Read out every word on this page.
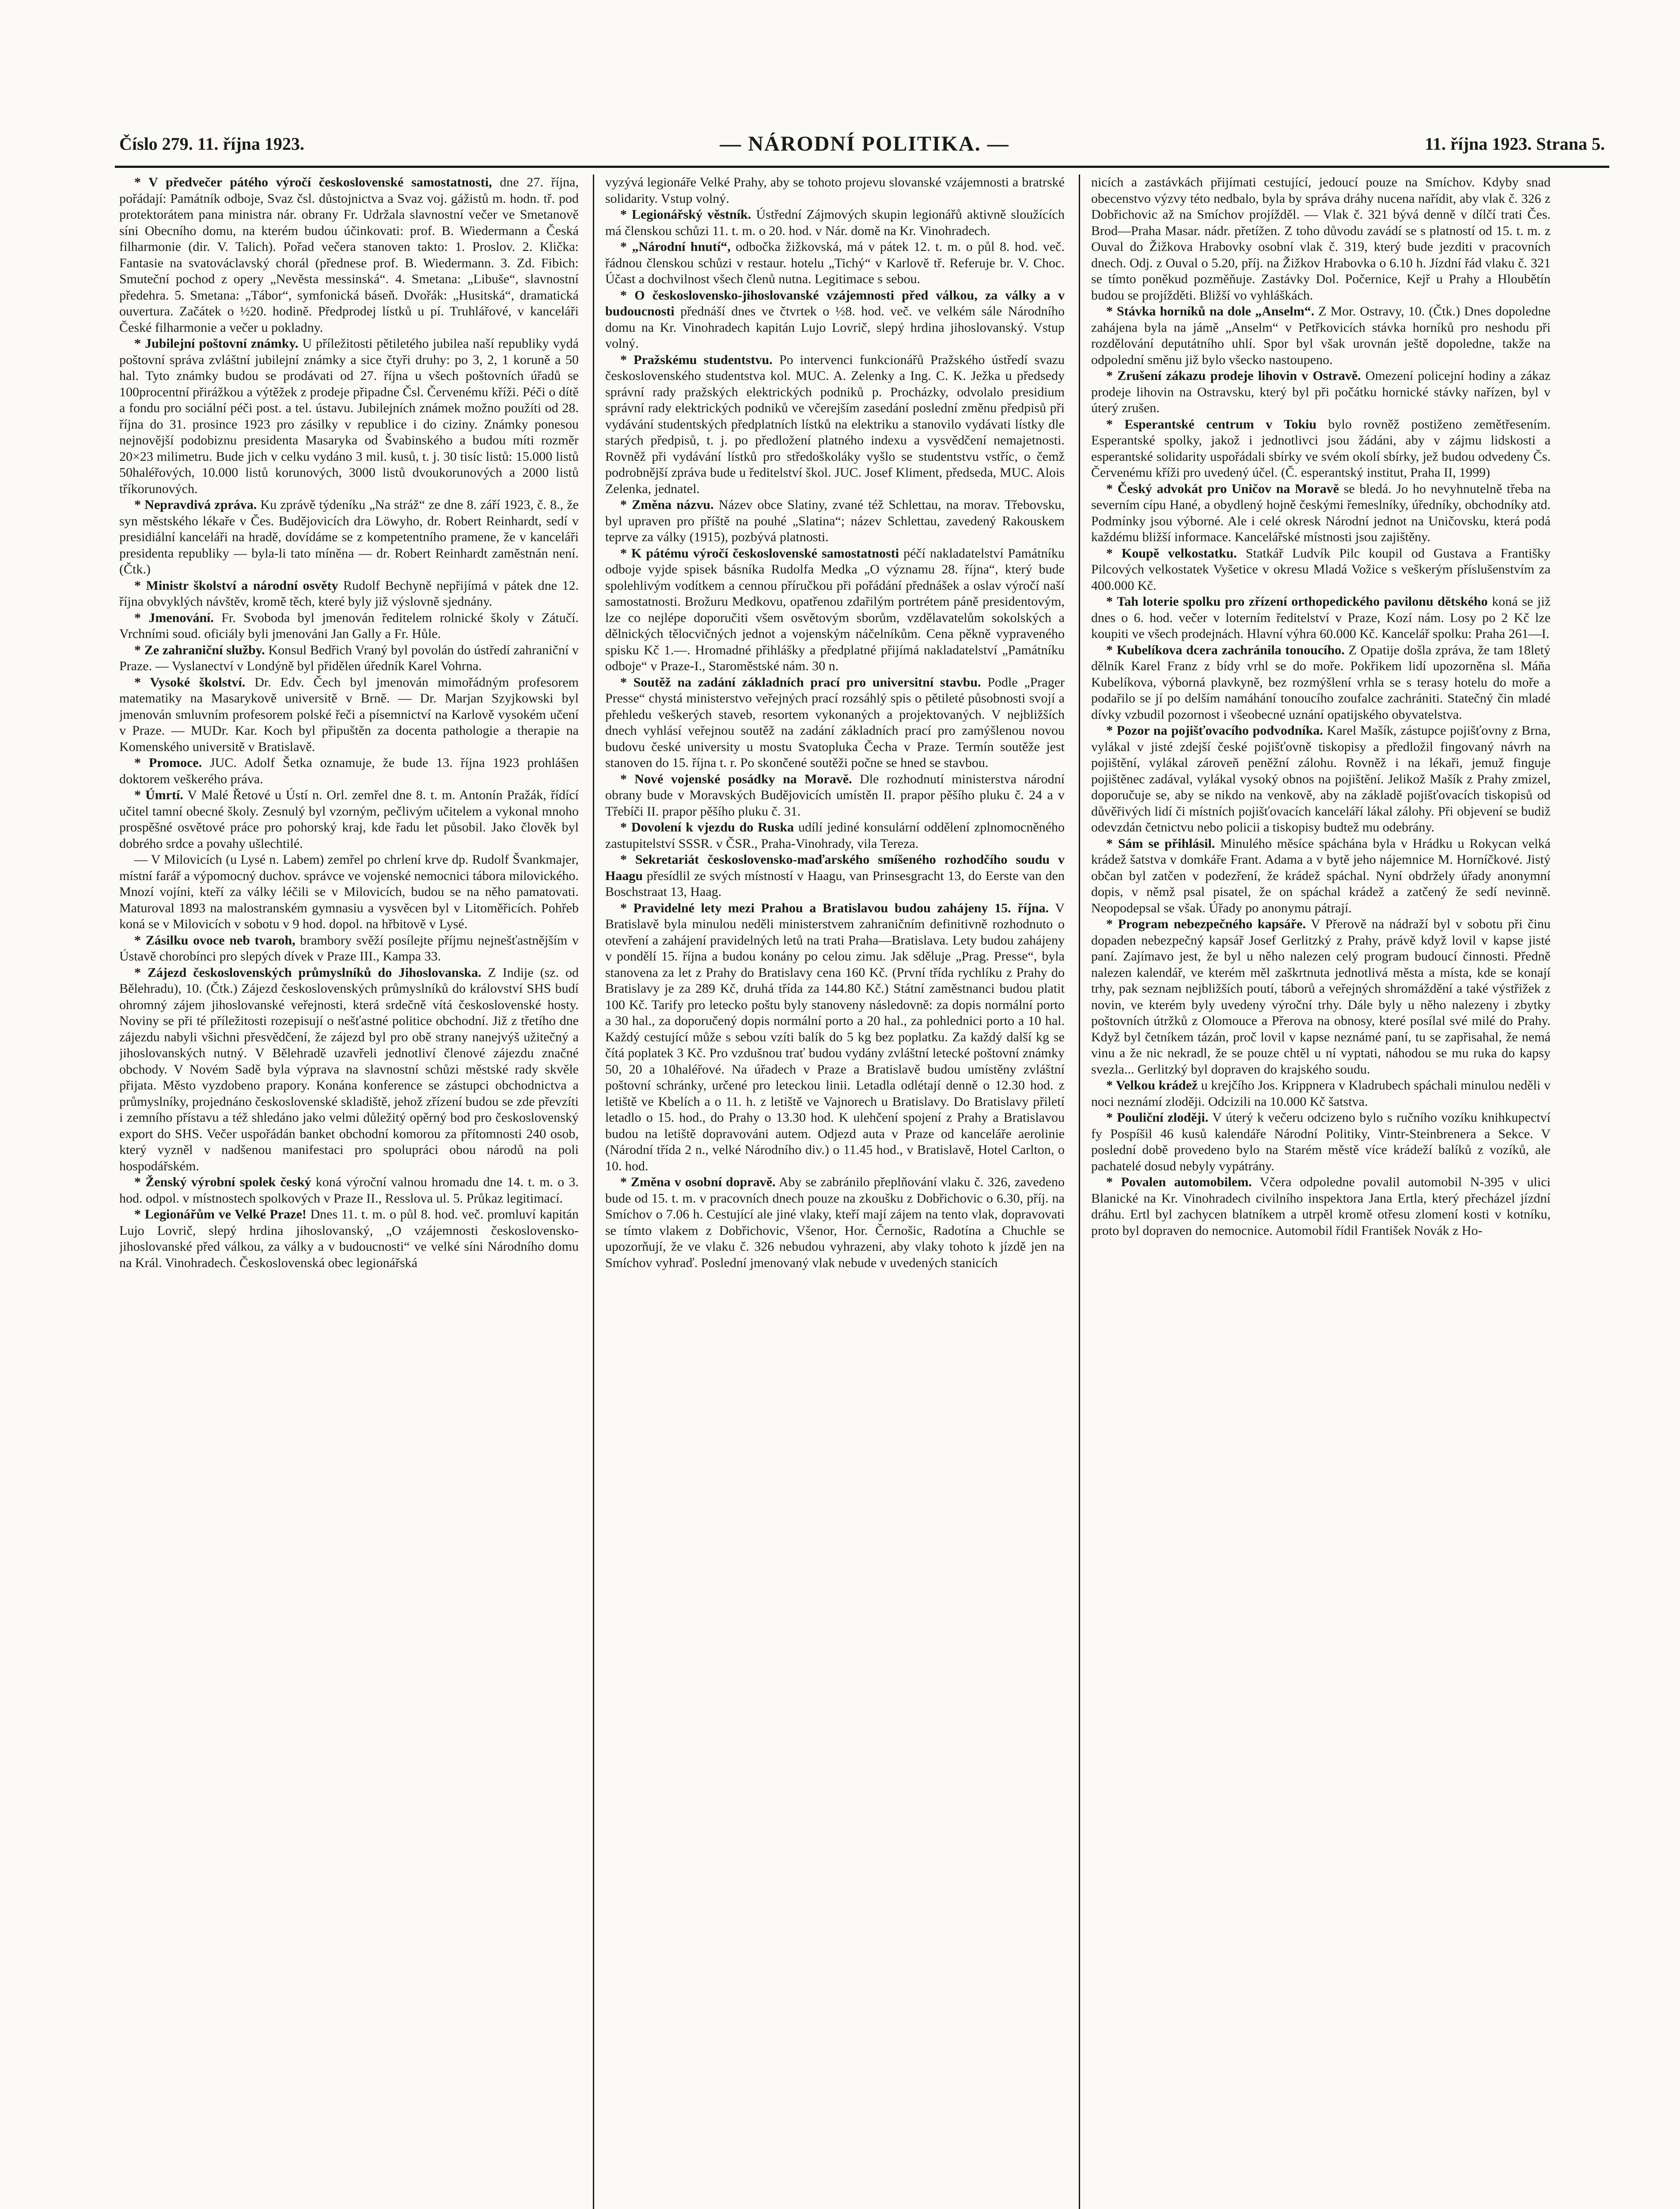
Číslo 279. 11. října 1923.	— NÁRODNÍ POLITIKA. —	11. října 1923. Strana 5.

* V předvečer pátého výročí československé samostatnosti, dne 27. října, pořádají: Památník odboje, Svaz čsl. důstojnictva a Svaz voj. gážistů m. hodn. tř. pod protektorátem pana ministra nár. obrany Fr. Udržala slavnostní večer ve Smetanově síni Obecního domu, na kterém budou účinkovati: prof. B. Wiedermann a Česká filharmonie (dir. V. Talich). Pořad večera stanoven takto: 1. Proslov. 2. Klička: Fantasie na svatováclavský chorál (přednese prof. B. Wiedermann. 3. Zd. Fibich: Smuteční pochod z opery „Nevěsta messinská“. 4. Smetana: „Libuše“, slavnostní předehra. 5. Smetana: „Tábor“, symfonická báseň. Dvořák: „Husitská“, dramatická ouvertura. Začátek o ½20. hodině. Předprodej lístků u pí. Truhlářové, v kanceláři České filharmonie a večer u pokladny.

* Jubilejní poštovní známky. U příležitosti pětiletého jubilea naší republiky vydá poštovní správa zvláštní jubilejní známky a sice čtyři druhy: po 3, 2, 1 koruně a 50 hal. Tyto známky budou se prodávati od 27. října u všech poštovních úřadů se 100procentní přirážkou a výtěžek z prodeje připadne Čsl. Červenému kříži. Péči o dítě a fondu pro sociální péči post. a tel. ústavu. Jubilejních známek možno použíti od 28. října do 31. prosince 1923 pro zásilky v republice i do ciziny. Známky ponesou nejnovější podobiznu presidenta Masaryka od Švabinského a budou míti rozměr 20×23 milimetru. Bude jich v celku vydáno 3 mil. kusů, t. j. 30 tisíc listů: 15.000 listů 50haléřových, 10.000 listů korunových, 3000 listů dvoukorunových a 2000 listů tříkorunových.

* Nepravdivá zpráva. Ku zprávě týdeníku „Na stráž“ ze dne 8. září 1923, č. 8., že syn městského lékaře v Čes. Budějovicích dra Löwyho, dr. Robert Reinhardt, sedí v presidiální kanceláři na hradě, dovídáme se z kompetentního pramene, že v kanceláři presidenta republiky — byla-li tato míněna — dr. Robert Reinhardt zaměstnán není. (Čtk.)

* Ministr školství a národní osvěty Rudolf Bechyně nepřijímá v pátek dne 12. října obvyklých návštěv, kromě těch, které byly již výslovně sjednány.

* Jmenování. Fr. Svoboda byl jmenován ředitelem rolnické školy v Zátučí. Vrchními soud. oficiály byli jmenováni Jan Gally a Fr. Hůle.

* Ze zahraniční služby. Konsul Bedřich Vraný byl povolán do ústředí zahraniční v Praze. — Vyslanectví v Londýně byl přidělen úředník Karel Vohrna.

* Vysoké školství. Dr. Edv. Čech byl jmenován mimořádným profesorem matematiky na Masarykově universitě v Brně. — Dr. Marjan Szyjkowski byl jmenován smluvním profesorem polské řeči a písemnictví na Karlově vysokém učení v Praze. — MUDr. Kar. Koch byl připuštěn za docenta pathologie a therapie na Komenského universitě v Bratislavě.

* Promoce. JUC. Adolf Šetka oznamuje, že bude 13. října 1923 prohlášen doktorem veškerého práva.

* Úmrtí. V Malé Řetové u Ústí n. Orl. zemřel dne 8. t. m. Antonín Pražák, řídící učitel tamní obecné školy. Zesnulý byl vzorným, pečlivým učitelem a vykonal mnoho prospěšné osvětové práce pro pohorský kraj, kde řadu let působil. Jako člověk byl dobrého srdce a povahy ušlechtilé.

— V Milovicích (u Lysé n. Labem) zemřel po chrlení krve dp. Rudolf Švankmajer, místní farář a výpomocný duchov. správce ve vojenské nemocnici tábora milovického. Mnozí vojíni, kteří za války léčili se v Milovicích, budou se na něho pamatovati. Maturoval 1893 na malostranském gymnasiu a vysvěcen byl v Litoměřicích. Pohřeb koná se v Milovicích v sobotu v 9 hod. dopol. na hřbitově v Lysé.

* Zásilku ovoce neb tvaroh, brambory svěží posílejte příjmu nejnešťastnějším v Ústavě chorobínci pro slepých dívek v Praze III., Kampa 33.

* Zájezd československých průmyslníků do Jihoslovanska. Z Indije (sz. od Bělehradu), 10. (Čtk.) Zájezd československých průmyslníků do království SHS budí ohromný zájem jihoslovanské veřejnosti, která srdečně vítá československé hosty. Noviny se při té příležitosti rozepisují o nešťastné politice obchodní. Již z třetího dne zájezdu nabyli všichni přesvědčení, že zájezd byl pro obě strany nanejvýš užitečný a jihoslovanských nutný. V Bělehradě uzavřeli jednotliví členové zájezdu značné obchody. V Novém Sadě byla výprava na slavnostní schůzi městské rady skvěle přijata. Město vyzdobeno prapory. Konána konference se zástupci obchodnictva a průmyslníky, projednáno československé skladiště, jehož zřízení budou se zde převzíti i zemního přístavu a též shledáno jako velmi důležitý opěrný bod pro československý export do SHS. Večer uspořádán banket obchodní komorou za přítomnosti 240 osob, který vyzněl v nadšenou manifestaci pro spolupráci obou národů na poli hospodářském.

* Ženský výrobní spolek český koná výroční valnou hromadu dne 14. t. m. o 3. hod. odpol. v místnostech spolkových v Praze II., Resslova ul. 5. Průkaz legitimací.

* Legionářům ve Velké Praze! Dnes 11. t. m. o půl 8. hod. več. promluví kapitán Lujo Lovrič, slepý hrdina jihoslovanský, „O vzájemnosti československo-jihoslovanské před válkou, za války a v budoucnosti“ ve velké síni Národního domu na Král. Vinohradech. Československá obec legionářská

vyzývá legionáře Velké Prahy, aby se tohoto projevu slovanské vzájemnosti a bratrské solidarity. Vstup volný.

* Legionářský věstník. Ústřední Zájmových skupin legionářů aktivně sloužících má členskou schůzi 11. t. m. o 20. hod. v Nár. domě na Kr. Vinohradech.

* „Národní hnutí“, odbočka žižkovská, má v pátek 12. t. m. o půl 8. hod. več. řádnou členskou schůzi v restaur. hotelu „Tichý“ v Karlově tř. Referuje br. V. Choc. Účast a dochvilnost všech členů nutna. Legitimace s sebou.

* O československo-jihoslovanské vzájemnosti před válkou, za války a v budoucnosti přednáší dnes ve čtvrtek o ½8. hod. več. ve velkém sále Národního domu na Kr. Vinohradech kapitán Lujo Lovrič, slepý hrdina jihoslovanský. Vstup volný.

* Pražskému studentstvu. Po intervenci funkcionářů Pražského ústředí svazu československého studentstva kol. MUC. A. Zelenky a Ing. C. K. Ježka u předsedy správní rady pražských elektrických podniků p. Procházky, odvolalo presidium správní rady elektrických podniků ve včerejším zasedání poslední změnu předpisů při vydávání studentských předplatních lístků na elektriku a stanovilo vydávati lístky dle starých předpisů, t. j. po předložení platného indexu a vysvědčení nemajetnosti. Rovněž při vydávání lístků pro středoškoláky vyšlo se studentstvu vstříc, o čemž podrobnější zpráva bude u ředitelství škol. JUC. Josef Kliment, předseda, MUC. Alois Zelenka, jednatel.

* Změna názvu. Název obce Slatiny, zvané též Schlettau, na morav. Třebovsku, byl upraven pro příště na pouhé „Slatina“; název Schlettau, zavedený Rakouskem teprve za války (1915), pozbývá platnosti.

* K pátému výročí československé samostatnosti péčí nakladatelství Památníku odboje vyjde spisek básníka Rudolfa Medka „O významu 28. října“, který bude spolehlivým vodítkem a cennou příručkou při pořádání přednášek a oslav výročí naší samostatnosti. Brožuru Medkovu, opatřenou zdařilým portrétem páně presidentovým, lze co nejlépe doporučiti všem osvětovým sborům, vzdělavatelům sokolských a dělnických tělocvičných jednot a vojenským náčelníkům. Cena pěkně vypraveného spisku Kč 1.—. Hromadné přihlášky a předplatné přijímá nakladatelství „Památníku odboje“ v Praze-I., Staroměstské nám. 30 n.

* Soutěž na zadání základních prací pro universitní stavbu. Podle „Prager Presse“ chystá ministerstvo veřejných prací rozsáhlý spis o pětileté působnosti svojí a přehledu veškerých staveb, resortem vykonaných a projektovaných. V nejbližších dnech vyhlásí veřejnou soutěž na zadání základních prací pro zamýšlenou novou budovu české university u mostu Svatopluka Čecha v Praze. Termín soutěže jest stanoven do 15. října t. r. Po skončené soutěži počne se hned se stavbou.

* Nové vojenské posádky na Moravě. Dle rozhodnutí ministerstva národní obrany bude v Moravských Budějovicích umístěn II. prapor pěšího pluku č. 24 a v Třebíči II. prapor pěšího pluku č. 31.

* Dovolení k vjezdu do Ruska udílí jediné konsulární oddělení zplnomocněného zastupitelství SSSR. v ČSR., Praha-Vinohrady, vila Tereza.

* Sekretariát československo-maďarského smíšeného rozhodčího soudu v Haagu přesídlil ze svých místností v Haagu, van Prinsesgracht 13, do Eerste van den Boschstraat 13, Haag.

* Pravidelné lety mezi Prahou a Bratislavou budou zahájeny 15. října. V Bratislavě byla minulou neděli ministerstvem zahraničním definitivně rozhodnuto o otevření a zahájení pravidelných letů na trati Praha—Bratislava. Lety budou zahájeny v pondělí 15. října a budou konány po celou zimu. Jak sděluje „Prag. Presse“, byla stanovena za let z Prahy do Bratislavy cena 160 Kč. (První třída rychlíku z Prahy do Bratislavy je za 289 Kč, druhá třída za 144.80 Kč.) Státní zaměstnanci budou platit 100 Kč. Tarify pro letecko poštu byly stanoveny následovně: za dopis normální porto a 30 hal., za doporučený dopis normální porto a 20 hal., za pohlednici porto a 10 hal. Každý cestující může s sebou vzíti balík do 5 kg bez poplatku. Za každý další kg se čítá poplatek 3 Kč. Pro vzdušnou trať budou vydány zvláštní letecké poštovní známky 50, 20 a 10haléřové. Na úřadech v Praze a Bratislavě budou umístěny zvláštní poštovní schránky, určené pro leteckou linii. Letadla odlétají denně o 12.30 hod. z letiště ve Kbelích a o 11. h. z letiště ve Vajnorech u Bratislavy. Do Bratislavy přiletí letadlo o 15. hod., do Prahy o 13.30 hod. K ulehčení spojení z Prahy a Bratislavou budou na letiště dopravováni autem. Odjezd auta v Praze od kanceláře aerolinie (Národní třída 2 n., velké Národního div.) o 11.45 hod., v Bratislavě, Hotel Carlton, o 10. hod.

* Změna v osobní dopravě. Aby se zabránilo přeplňování vlaku č. 326, zavedeno bude od 15. t. m. v pracovních dnech pouze na zkoušku z Dobřichovic o 6.30, příj. na Smíchov o 7.06 h. Cestující ale jiné vlaky, kteří mají zájem na tento vlak, dopravovati se tímto vlakem z Dobřichovic, Všenor, Hor. Černošic, Radotína a Chuchle se upozorňují, že ve vlaku č. 326 nebudou vyhrazeni, aby vlaky tohoto k jízdě jen na Smíchov vyhraď. Poslední jmenovaný vlak nebude v uvedených stanicích

nicích a zastávkách přijímati cestující, jedoucí pouze na Smíchov. Kdyby snad obecenstvo výzvy této nedbalo, byla by správa dráhy nucena nařídit, aby vlak č. 326 z Dobřichovic až na Smíchov projížděl. — Vlak č. 321 bývá denně v dílčí trati Čes. Brod—Praha Masar. nádr. přetížen. Z toho důvodu zavádí se s platností od 15. t. m. z Ouval do Žižkova Hrabovky osobní vlak č. 319, který bude jezditi v pracovních dnech. Odj. z Ouval o 5.20, příj. na Žižkov Hrabovka o 6.10 h. Jízdní řád vlaku č. 321 se tímto poněkud pozměňuje. Zastávky Dol. Počernice, Kejř u Prahy a Hloubětín budou se projížděti. Bližší vo vyhláškách.

* Stávka horníků na dole „Anselm“. Z Mor. Ostravy, 10. (Čtk.) Dnes dopoledne zahájena byla na jámě „Anselm“ v Petřkovicích stávka horníků pro neshodu při rozdělování deputátního uhlí. Spor byl však urovnán ještě dopoledne, takže na odpolední směnu již bylo všecko nastoupeno.

* Zrušení zákazu prodeje lihovin v Ostravě. Omezení policejní hodiny a zákaz prodeje lihovin na Ostravsku, který byl při počátku hornické stávky nařízen, byl v úterý zrušen.

* Esperantské centrum v Tokiu bylo rovněž postiženo zemětřesením. Esperantské spolky, jakož i jednotlivci jsou žádáni, aby v zájmu lidskosti a esperantské solidarity uspořádali sbírky ve svém okolí sbírky, jež budou odvedeny Čs. Červenému kříži pro uvedený účel. (Č. esperantský institut, Praha II, 1999)

* Český advokát pro Uničov na Moravě se bledá. Jo ho nevyhnutelně třeba na severním cípu Hané, a obydlený hojně českými řemeslníky, úředníky, obchodníky atd. Podmínky jsou výborné. Ale i celé okresk Národní jednot na Uničovsku, která podá každému bližší informace. Kancelářské místnosti jsou zajištěny.

* Koupě velkostatku. Statkář Ludvík Pilc koupil od Gustava a Františky Pilcových velkostatek Vyšetice v okresu Mladá Vožice s veškerým příslušenstvím za 400.000 Kč.

* Tah loterie spolku pro zřízení orthopedického pavilonu dětského koná se již dnes o 6. hod. večer v loterním ředitelství v Praze, Kozí nám. Losy po 2 Kč lze koupiti ve všech prodejnách. Hlavní výhra 60.000 Kč. Kancelář spolku: Praha 261—I.

* Kubelíkova dcera zachránila tonoucího. Z Opatije došla zpráva, že tam 18letý dělník Karel Franz z bídy vrhl se do moře. Pokřikem lidí upozorněna sl. Máňa Kubelíkova, výborná plavkyně, bez rozmýšlení vrhla se s terasy hotelu do moře a podařilo se jí po delším namáhání tonoucího zoufalce zachrániti. Statečný čin mladé dívky vzbudil pozornost i všeobecné uznání opatijského obyvatelstva.

* Pozor na pojišťovacího podvodníka. Karel Mašík, zástupce pojišťovny z Brna, vylákal v jisté zdejší české pojišťovně tiskopisy a předložil fingovaný návrh na pojištění, vylákal zároveň peněžní zálohu. Rovněž i na lékaři, jemuž finguje pojištěnec zadával, vylákal vysoký obnos na pojištění. Jelikož Mašík z Prahy zmizel, doporučuje se, aby se nikdo na venkově, aby na základě pojišťovacích tiskopisů od důvěřivých lidí či místních pojišťovacích kanceláří lákal zálohy. Při objevení se budiž odevzdán četnictvu nebo policii a tiskopisy budtež mu odebrány.

* Sám se přihlásil. Minulého měsíce spáchána byla v Hrádku u Rokycan velká krádež šatstva v domkáře Frant. Adama a v bytě jeho nájemnice M. Horníčkové. Jistý občan byl zatčen v podezření, že krádež spáchal. Nyní obdržely úřady anonymní dopis, v němž psal pisatel, že on spáchal krádež a zatčený že sedí nevinně. Neopodepsal se však. Úřady po anonymu pátrají.

* Program nebezpečného kapsáře. V Přerově na nádraží byl v sobotu při činu dopaden nebezpečný kapsář Josef Gerlitzký z Prahy, právě když lovil v kapse jisté paní. Zajímavo jest, že byl u něho nalezen celý program budoucí činnosti. Předně nalezen kalendář, ve kterém měl zaškrtnuta jednotlivá města a místa, kde se konají trhy, pak seznam nejbližších poutí, táborů a veřejných shromáždění a také výstřižek z novin, ve kterém byly uvedeny výroční trhy. Dále byly u něho nalezeny i zbytky poštovních útržků z Olomouce a Přerova na obnosy, které posílal své milé do Prahy. Když byl četníkem tázán, proč lovil v kapse neznámé paní, tu se zapřisahal, že nemá vinu a že nic nekradl, že se pouze chtěl u ní vyptati, náhodou se mu ruka do kapsy svezla... Gerlitzký byl dopraven do krajského soudu.

* Velkou krádež u krejčího Jos. Krippnera v Kladrubech spáchali minulou neděli v noci neznámí zloději. Odcizili na 10.000 Kč šatstva.

* Pouliční zloději. V úterý k večeru odcizeno bylo s ručního vozíku knihkupectví fy Pospíšil 46 kusů kalendáře Národní Politiky, Vintr-Steinbrenera a Sekce. V poslední době provedeno bylo na Starém městě více krádeží balíků z vozíků, ale pachatelé dosud nebyly vypátrány.

* Povalen automobilem. Včera odpoledne povalil automobil N-395 v ulici Blanické na Kr. Vinohradech civilního inspektora Jana Ertla, který přecházel jízdní dráhu. Ertl byl zachycen blatníkem a utrpěl kromě otřesu zlomení kosti v kotníku, proto byl dopraven do nemocnice. Automobil řídil František Novák z Ho-
